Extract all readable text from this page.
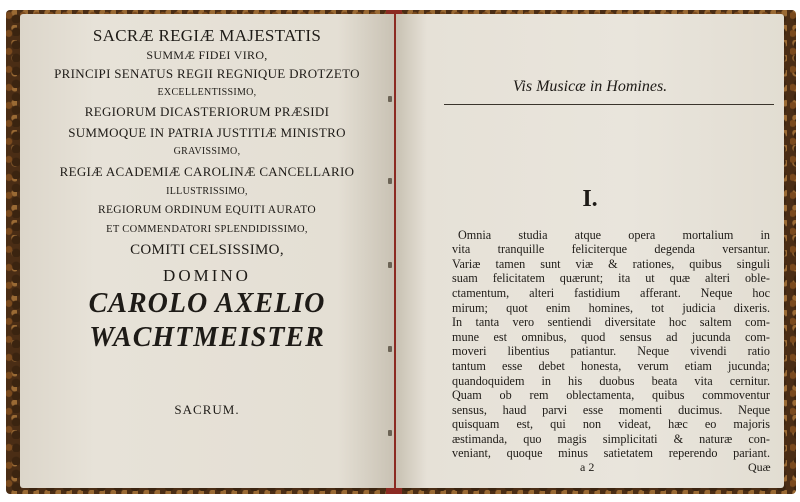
SACRÆ REGIÆ MAJESTATIS
SUMMÆ FIDEI VIRO,
PRINCIPI SENATUS REGII REGNIQUE DROTZETO
EXCELLENTISSIMO,
REGIORUM DICASTERIORUM PRÆSIDI
SUMMOQUE IN PATRIA JUSTITIÆ MINISTRO
GRAVISSIMO,
REGIÆ ACADEMIÆ CAROLINÆ CANCELLARIO
ILLUSTRISSIMO,
REGIORUM ORDINUM EQUITI AURATO
ET COMMENDATORI SPLENDIDISSIMO,
COMITI CELSISSIMO,
DOMINO
CAROLO AXELIO
WACHTMEISTER
SACRUM.
Vis Musicæ in Homines.
I.
Omnia studia atque opera mortalium in
vita tranquille feliciterque degenda versantur.
Variæ tamen sunt viæ & rationes, quibus singuli
suam felicitatem quærunt; ita ut quæ alteri oble-
ctamentum, alteri fastidium afferant. Neque hoc
mirum; quot enim homines, tot judicia dixeris.
In tanta vero sentiendi diversitate hoc saltem com-
mune est omnibus, quod sensus ad jucunda com-
moveri libentius patiantur. Neque vivendi ratio
tantum esse debet honesta, verum etiam jucunda;
quandoquidem in his duobus beata vita cernitur.
Quam ob rem oblectamenta, quibus commoventur
sensus, haud parvi esse momenti ducimus. Neque
quisquam est, qui non videat, hæc eo majoris
æstimanda, quo magis simplicitati & naturæ con-
veniant, quoque minus satietatem reperendo pariant.
a 2	Quæ
